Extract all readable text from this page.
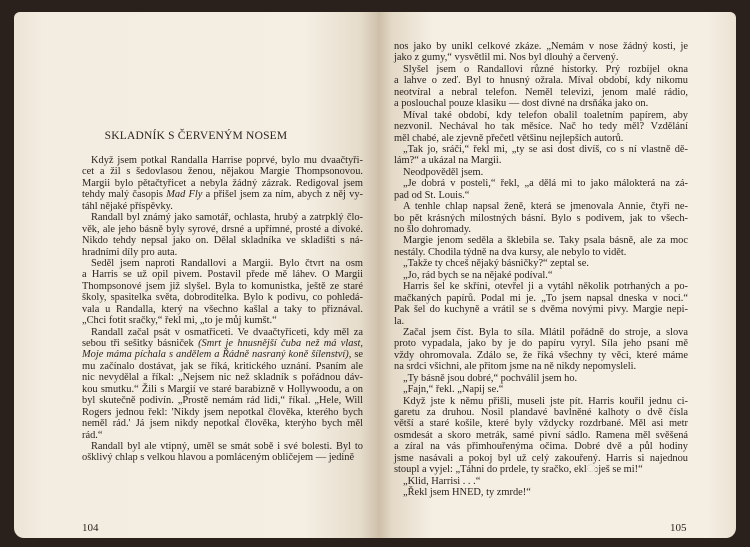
SKLADNÍK S ČERVENÝM NOSEM
Když jsem potkal Randalla Harrise poprvé, bylo mu dvaačtyři-
cet a žil s šedovlasou ženou, nějakou Margie Thompsonovou.
Margii bylo pětačtyřicet a nebyla žádný zázrak. Redigoval jsem
tehdy malý časopis Mad Fly a přišel jsem za ním, abych z něj vy-
táhl nějaké příspěvky.
Randall byl známý jako samotář, ochlasta, hrubý a zatrpklý člo-
věk, ale jeho básně byly syrové, drsné a upřímné, prosté a divoké.
Nikdo tehdy nepsal jako on. Dělal skladníka ve skladišti s ná-
hradními díly pro auta.
Seděl jsem naproti Randallovi a Margii. Bylo čtvrt na osm
a Harris se už opil pivem. Postavil přede mě láhev. O Margii
Thompsonové jsem již slyšel. Byla to komunistka, ještě ze staré
školy, spasitelka světa, dobroditelka. Bylo k podivu, co pohledá-
vala u Randalla, který na všechno kašlal a taky to přiznával.
„Chci fotit sračky,“ řekl mi, „to je můj kumšt.“
Randall začal psát v osmatřiceti. Ve dvaačtyřiceti, kdy měl za
sebou tři sešitky básniček (Smrt je hnusnější čuba než má vlast,
Moje máma píchala s andělem a Řádně nasraný koně šílenství), se
mu začínalo dostávat, jak se říká, kritického uznání. Psaním ale
nic nevydělal a říkal: „Nejsem nic než skladník s pořádnou dáv-
kou smutku.“ Žili s Margií ve staré barabizně v Hollywoodu, a on
byl skutečně podivín. „Prostě nemám rád lidi,“ říkal. „Hele, Will
Rogers jednou řekl: 'Nikdy jsem nepotkal člověka, kterého bych
neměl rád.' Já jsem nikdy nepotkal člověka, kterýho bych měl
rád.“
Randall byl ale vtipný, uměl se smát sobě i své bolesti. Byl to
ošklivý chlap s velkou hlavou a pomláceným obličejem — jedině
104
nos jako by unikl celkové zkáze. „Nemám v nose žádný kosti, je
jako z gumy,“ vysvětlil mi. Nos byl dlouhý a červený.
Slyšel jsem o Randallovi různé historky. Prý rozbíjel okna
a lahve o zeď. Byl to hnusný ožrala. Míval období, kdy nikomu
neotvíral a nebral telefon. Neměl televizi, jenom malé rádio,
a poslouchal pouze klasiku — dost divné na drsňáka jako on.
Míval také období, kdy telefon obalil toaletním papírem, aby
nezvonil. Nechával ho tak měsíce. Nač ho tedy měl? Vzdělání
měl chabé, ale zjevně přečetl většinu nejlepších autorů.
„Tak jo, sráči,“ řekl mi, „ty se asi dost divíš, co s ní vlastně dě-
lám?“ a ukázal na Margii.
Neodpověděl jsem.
„Je dobrá v posteli,“ řekl, „a dělá mi to jako málokterá na zá-
pad od St. Louis.“
A tenhle chlap napsal ženě, která se jmenovala Annie, čtyři ne-
bo pět krásných milostných básní. Bylo s podivem, jak to všech-
no šlo dohromady.
Margie jenom seděla a šklebila se. Taky psala básně, ale za moc
nestály. Chodila týdně na dva kursy, ale nebylo to vidět.
„Takže ty chceš nějaký básničky?“ zeptal se.
„Jo, rád bych se na nějaké podíval.“
Harris šel ke skříni, otevřel ji a vytáhl několik potrhaných a po-
mačkaných papírů. Podal mi je. „To jsem napsal dneska v noci.“
Pak šel do kuchyně a vrátil se s dvěma novými pivy. Margie nepi-
la.
Začal jsem číst. Byla to síla. Mlátil pořádně do stroje, a slova
proto vypadala, jako by je do papíru vyryl. Síla jeho psaní mě
vždy ohromovala. Zdálo se, že říká všechny ty věci, které máme
na srdci všichni, ale přitom jsme na ně nikdy nepomysleli.
„Ty básně jsou dobré,“ pochválil jsem ho.
„Fajn,“ řekl. „Napij se.“
Když jste k němu přišli, museli jste pít. Harris kouřil jednu ci-
garetu za druhou. Nosil plandavé bavlněné kalhoty o dvě čísla
větší a staré košile, které byly vždycky rozdrbané. Měl asi metr
osmdesát a skoro metrák, samé pivní sádlo. Ramena měl svěšená
a zíral na vás přimhouřenýma očima. Dobré dvě a půl hodiny
jsme nasávali a pokoj byl už celý zakouřený. Harris si najednou
stoupl a vyjel: „Táhni do prdele, ty sračko, eklುješ se mi!“
„Klid, Harrisi . . .“
„Řekl jsem HNED, ty zmrde!“
105
